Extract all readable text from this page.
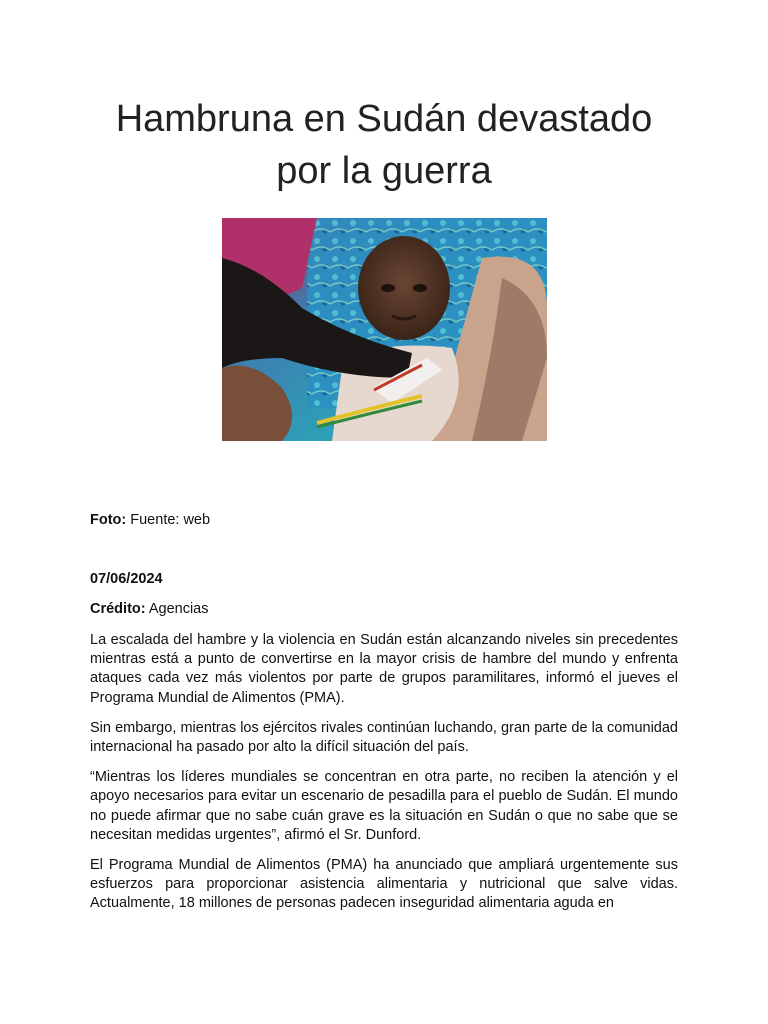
Hambruna en Sudán devastado
por la guerra

Foto: Fuente: web

07/06/2024

Crédito: Agencias

La escalada del hambre y la violencia en Sudán están alcanzando niveles sin precedentes mientras está a punto de convertirse en la mayor crisis de hambre del mundo y enfrenta ataques cada vez más violentos por parte de grupos paramilitares, informó el jueves el Programa Mundial de Alimentos (PMA).

Sin embargo, mientras los ejércitos rivales continúan luchando, gran parte de la comunidad internacional ha pasado por alto la difícil situación del país.

“Mientras los líderes mundiales se concentran en otra parte, no reciben la atención y el apoyo necesarios para evitar un escenario de pesadilla para el pueblo de Sudán. El mundo no puede afirmar que no sabe cuán grave es la situación en Sudán o que no sabe que se necesitan medidas urgentes”, afirmó el Sr. Dunford.

El Programa Mundial de Alimentos (PMA) ha anunciado que ampliará urgentemente sus esfuerzos para proporcionar asistencia alimentaria y nutricional que salve vidas. Actualmente, 18 millones de personas padecen inseguridad alimentaria aguda en
